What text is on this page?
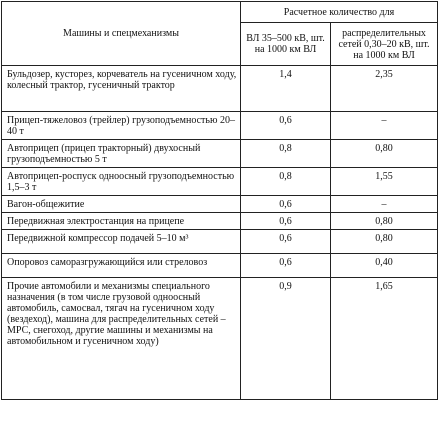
Машины и спецмеханизмы	Расчетное количество для	
	ВЛ 35–500 кВ, шт. на 1000 км ВЛ	распределительных сетей 0,30–20 кВ, шт. на 1000 км ВЛ
Бульдозер, кусторез, корчеватель на гусеничном ходу, колесный трактор, гусеничный трактор	1,4	2,35
Прицеп-тяжеловоз (трейлер) грузоподъемностью 20–40 т	0,6	–
Автоприцеп (прицеп тракторный) двухосный грузоподъемностью 5 т	0,8	0,80
Автоприцеп-роспуск одноосный грузоподъемностью 1,5–3 т	0,8	1,55
Вагон-общежитие	0,6	–
Передвижная электростанция на прицепе	0,6	0,80
Передвижной компрессор подачей 5–10 м³	0,6	0,80
Опоровоз саморазгружающийся или стреловоз	0,6	0,40
Прочие автомобили и механизмы специального назначения (в том числе грузовой одноосный автомобиль, самосвал, тягач на гусеничном ходу (вездеход), машина для распределительных сетей – МРС, снегоход, другие машины и механизмы на автомобильном и гусеничном ходу)	0,9	1,65
